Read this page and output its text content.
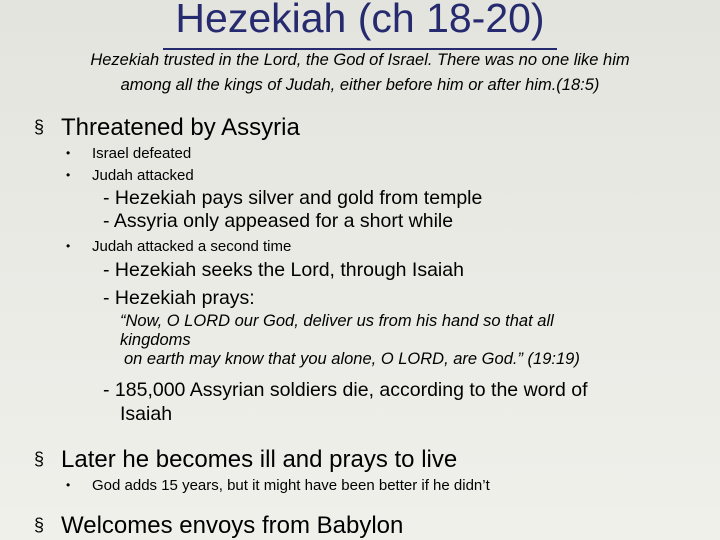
Hezekiah (ch 18-20)
Hezekiah trusted in the Lord, the God of Israel. There was no one like him
among all the kings of Judah, either before him or after him.(18:5)
§ Threatened by Assyria
• Israel defeated
• Judah attacked
- Hezekiah pays silver and gold from temple
- Assyria only appeased for a short while
• Judah attacked a second time
- Hezekiah seeks the Lord, through Isaiah
- Hezekiah prays:
“Now, O LORD our God, deliver us from his hand so that all
kingdoms
on earth may know that you alone, O LORD, are God.” (19:19)
- 185,000 Assyrian soldiers die, according to the word of
Isaiah
§ Later he becomes ill and prays to live
• God adds 15 years, but it might have been better if he didn’t
§ Welcomes envoys from Babylon
